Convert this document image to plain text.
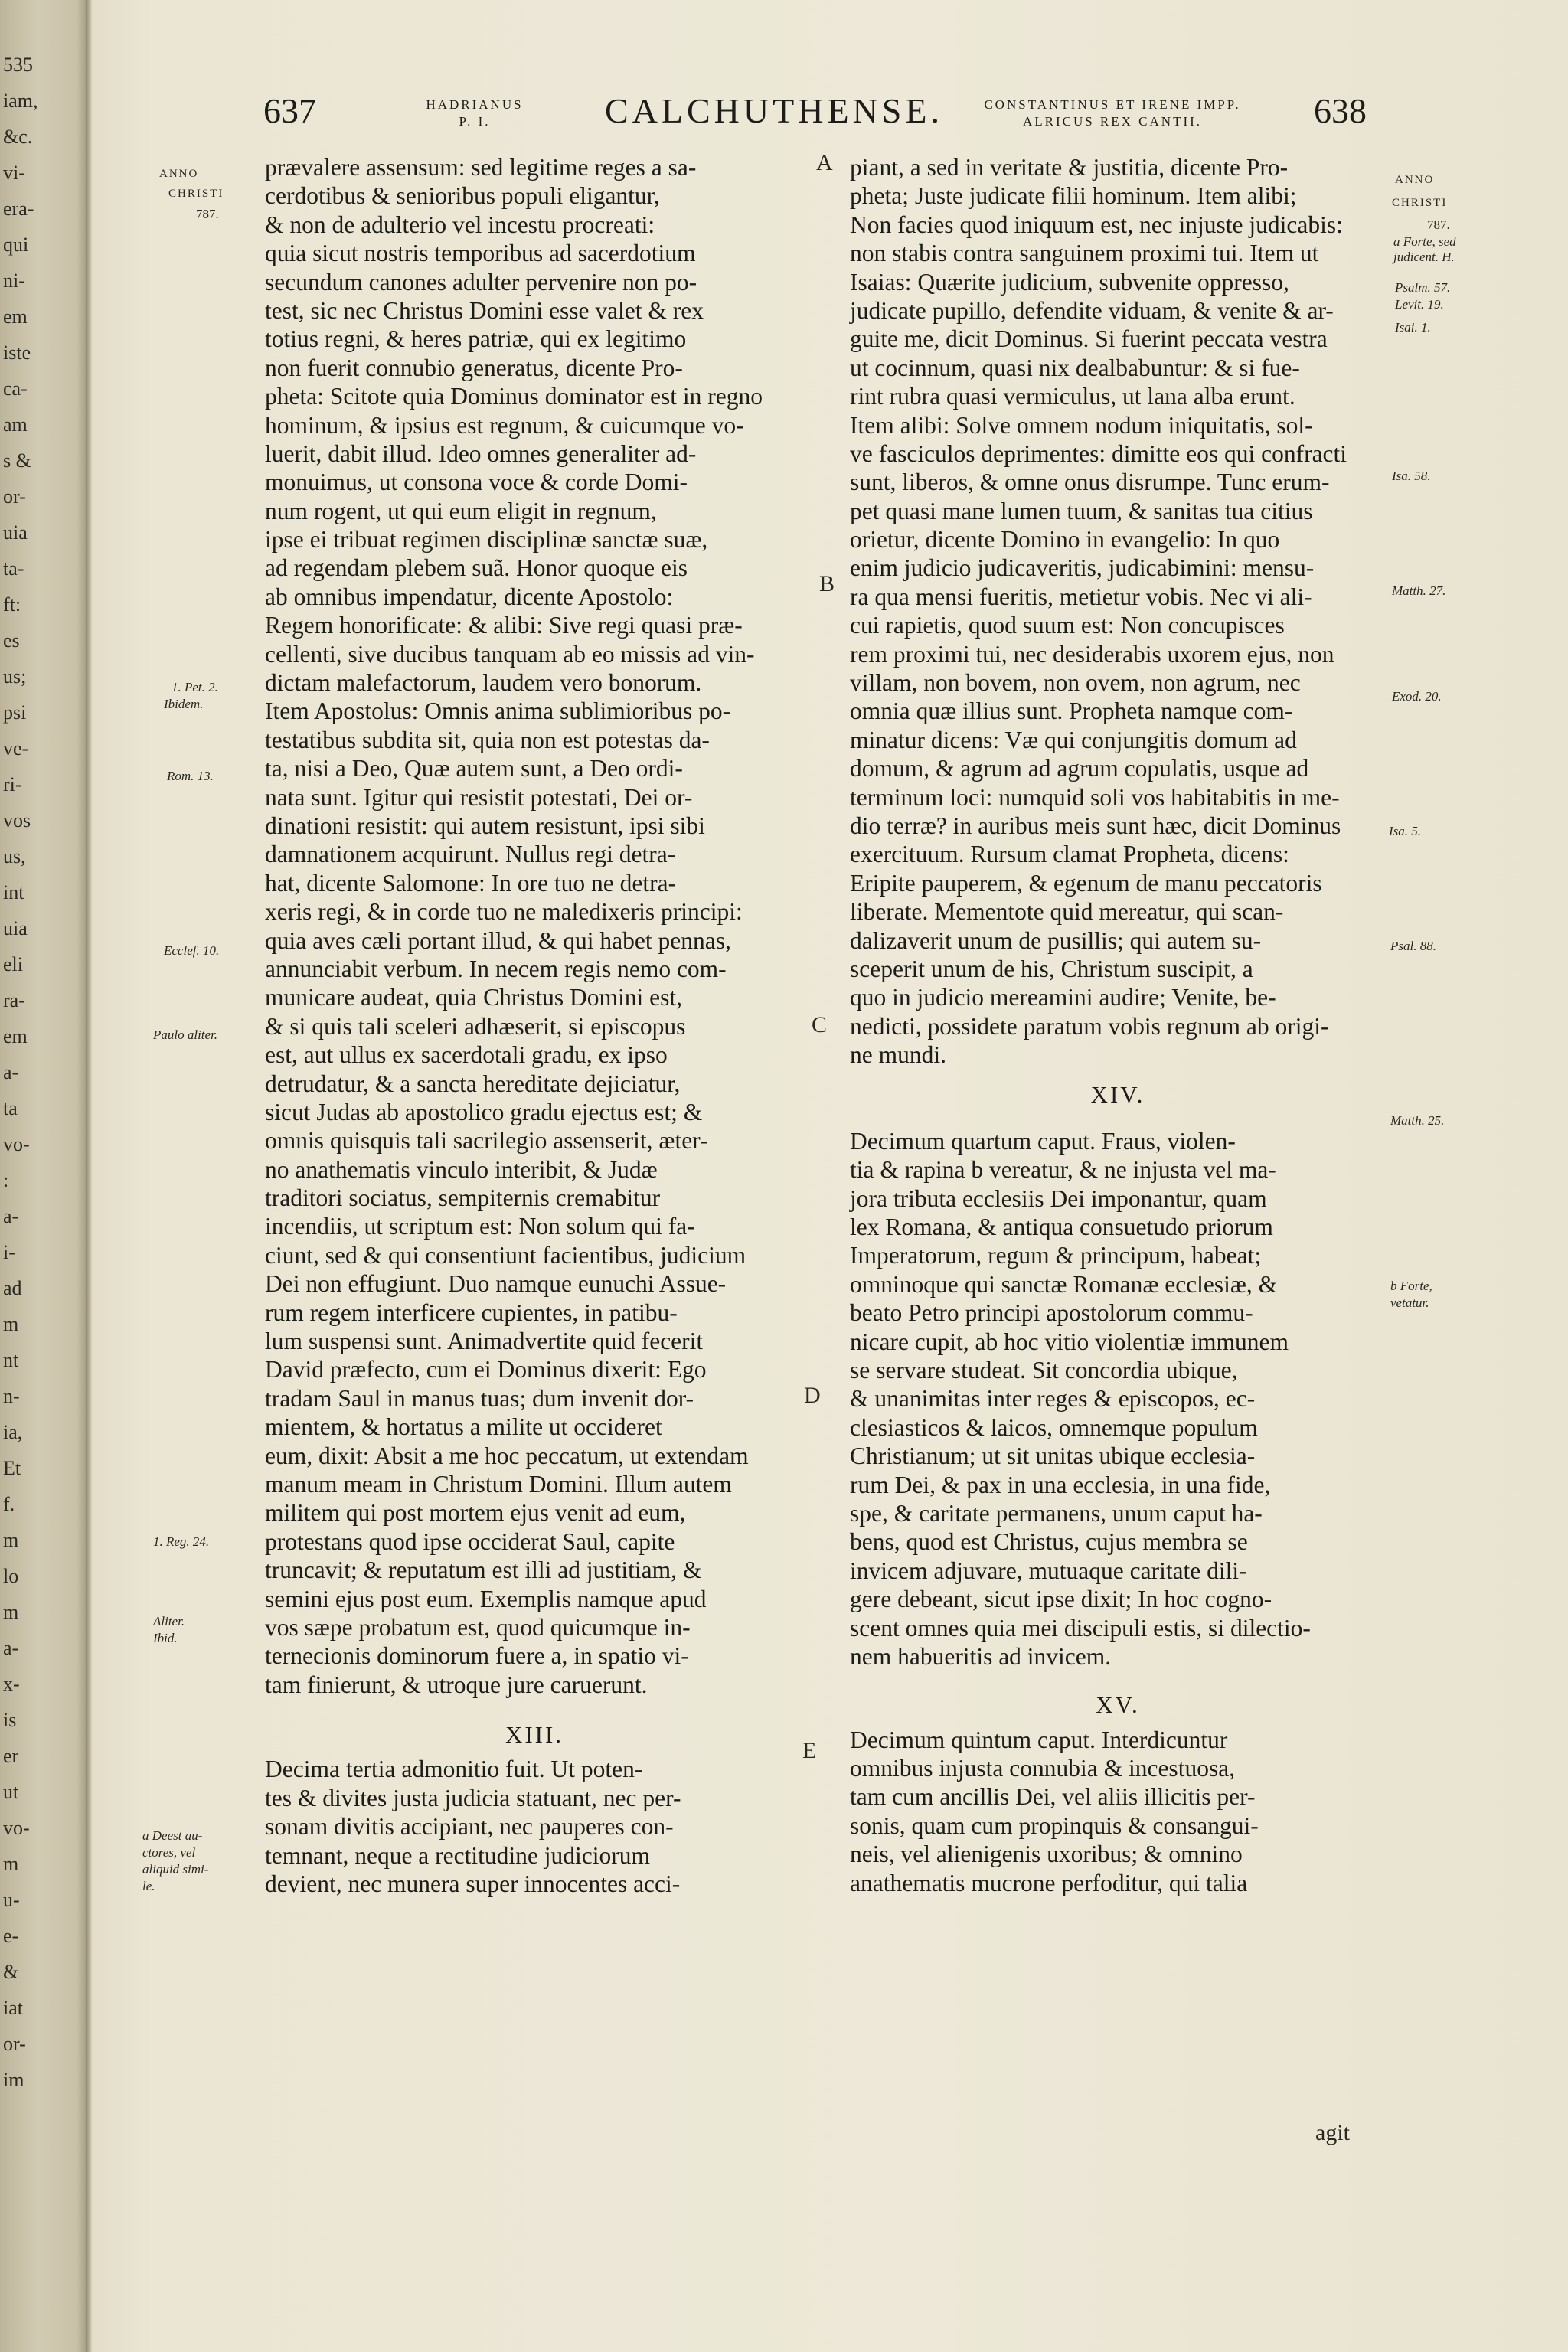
535
iam,
&c.
vi-
era-
qui
ni-
em
iste
ca-
am
s &
or-
uia
ta-
ft:
es
us;
psi
ve-
ri-
vos
us,
int
uia
eli
ra-
em
a-
ta
vo-
:
a-
i-
ad
m
nt
n-
ia,
Et
f.
m
lo
m
a-
x-
is
er
ut
vo-
m
u-
e-
&
iat
or-
im
637	HADRIANUS
P. I.	CALCHUTHENSE.	CONSTANTINUS ET IRENE IMPP.
ALRICUS REX CANTII.	638
ANNO
CHRISTI
787.
1. Pet. 2.
Ibidem.
Rom. 13.
Ecclef. 10.
Paulo aliter.
1. Reg. 24.
Aliter.
Ibid.
a Deest au-
ctores, vel
aliquid simi-
le.
A
B
C
D
E
prævalere assensum: sed legitime reges a sa-
cerdotibus & senioribus populi eligantur,
& non de adulterio vel incestu procreati:
quia sicut nostris temporibus ad sacerdotium
secundum canones adulter pervenire non po-
test, sic nec Christus Domini esse valet & rex
totius regni, & heres patriæ, qui ex legitimo
non fuerit connubio generatus, dicente Pro-
pheta: Scitote quia Dominus dominator est in regno
hominum, & ipsius est regnum, & cuicumque vo-
luerit, dabit illud. Ideo omnes generaliter ad-
monuimus, ut consona voce & corde Domi-
num rogent, ut qui eum eligit in regnum,
ipse ei tribuat regimen disciplinæ sanctæ suæ,
ad regendam plebem suã. Honor quoque eis
ab omnibus impendatur, dicente Apostolo:
Regem honorificate: & alibi: Sive regi quasi præ-
cellenti, sive ducibus tanquam ab eo missis ad vin-
dictam malefactorum, laudem vero bonorum.
Item Apostolus: Omnis anima sublimioribus po-
testatibus subdita sit, quia non est potestas da-
ta, nisi a Deo, Quæ autem sunt, a Deo ordi-
nata sunt. Igitur qui resistit potestati, Dei or-
dinationi resistit: qui autem resistunt, ipsi sibi
damnationem acquirunt. Nullus regi detra-
hat, dicente Salomone: In ore tuo ne detra-
xeris regi, & in corde tuo ne maledixeris principi:
quia aves cæli portant illud, & qui habet pennas,
annunciabit verbum. In necem regis nemo com-
municare audeat, quia Christus Domini est,
& si quis tali sceleri adhæserit, si episcopus
est, aut ullus ex sacerdotali gradu, ex ipso
detrudatur, & a sancta hereditate dejiciatur,
sicut Judas ab apostolico gradu ejectus est; &
omnis quisquis tali sacrilegio assenserit, æter-
no anathematis vinculo interibit, & Judæ
traditori sociatus, sempiternis cremabitur
incendiis, ut scriptum est: Non solum qui fa-
ciunt, sed & qui consentiunt facientibus, judicium
Dei non effugiunt. Duo namque eunuchi Assue-
rum regem interficere cupientes, in patibu-
lum suspensi sunt. Animadvertite quid fecerit
David præfecto, cum ei Dominus dixerit: Ego
tradam Saul in manus tuas; dum invenit dor-
mientem, & hortatus a milite ut occideret
eum, dixit: Absit a me hoc peccatum, ut extendam
manum meam in Christum Domini. Illum autem
militem qui post mortem ejus venit ad eum,
protestans quod ipse occiderat Saul, capite
truncavit; & reputatum est illi ad justitiam, &
semini ejus post eum. Exemplis namque apud
vos sæpe probatum est, quod quicumque in-
ternecionis dominorum fuere a, in spatio vi-
tam finierunt, & utroque jure caruerunt.
XIII.
Decima tertia admonitio fuit. Ut poten-
tes & divites justa judicia statuant, nec per-
sonam divitis accipiant, nec pauperes con-
temnant, neque a rectitudine judiciorum
devient, nec munera super innocentes acci-
piant, a sed in veritate & justitia, dicente Pro-
pheta; Juste judicate filii hominum. Item alibi;
Non facies quod iniquum est, nec injuste judicabis:
non stabis contra sanguinem proximi tui. Item ut
Isaias: Quærite judicium, subvenite oppresso,
judicate pupillo, defendite viduam, & venite & ar-
guite me, dicit Dominus. Si fuerint peccata vestra
ut cocinnum, quasi nix dealbabuntur: & si fue-
rint rubra quasi vermiculus, ut lana alba erunt.
Item alibi: Solve omnem nodum iniquitatis, sol-
ve fasciculos deprimentes: dimitte eos qui confracti
sunt, liberos, & omne onus disrumpe. Tunc erum-
pet quasi mane lumen tuum, & sanitas tua citius
orietur, dicente Domino in evangelio: In quo
enim judicio judicaveritis, judicabimini: mensu-
ra qua mensi fueritis, metietur vobis. Nec vi ali-
cui rapietis, quod suum est: Non concupisces
rem proximi tui, nec desiderabis uxorem ejus, non
villam, non bovem, non ovem, non agrum, nec
omnia quæ illius sunt. Propheta namque com-
minatur dicens: Væ qui conjungitis domum ad
domum, & agrum ad agrum copulatis, usque ad
terminum loci: numquid soli vos habitabitis in me-
dio terræ? in auribus meis sunt hæc, dicit Dominus
exercituum. Rursum clamat Propheta, dicens:
Eripite pauperem, & egenum de manu peccatoris
liberate. Mementote quid mereatur, qui scan-
dalizaverit unum de pusillis; qui autem su-
sceperit unum de his, Christum suscipit, a
quo in judicio mereamini audire; Venite, be-
nedicti, possidete paratum vobis regnum ab origi-
ne mundi.
XIV.
Decimum quartum caput. Fraus, violen-
tia & rapina b vereatur, & ne injusta vel ma-
jora tributa ecclesiis Dei imponantur, quam
lex Romana, & antiqua consuetudo priorum
Imperatorum, regum & principum, habeat;
omninoque qui sanctæ Romanæ ecclesiæ, &
beato Petro principi apostolorum commu-
nicare cupit, ab hoc vitio violentiæ immunem
se servare studeat. Sit concordia ubique,
& unanimitas inter reges & episcopos, ec-
clesiasticos & laicos, omnemque populum
Christianum; ut sit unitas ubique ecclesia-
rum Dei, & pax in una ecclesia, in una fide,
spe, & caritate permanens, unum caput ha-
bens, quod est Christus, cujus membra se
invicem adjuvare, mutuaque caritate dili-
gere debeant, sicut ipse dixit; In hoc cogno-
scent omnes quia mei discipuli estis, si dilectio-
nem habueritis ad invicem.
XV.
Decimum quintum caput. Interdicuntur
omnibus injusta connubia & incestuosa,
tam cum ancillis Dei, vel aliis illicitis per-
sonis, quam cum propinquis & consangui-
neis, vel alienigenis uxoribus; & omnino
anathematis mucrone perfoditur, qui talia
ANNO
CHRISTI
787.
a Forte, sed
judicent. H.
Psalm. 57.
Levit. 19.
Isai. 1.
Isa. 58.
Matth. 27.
Exod. 20.
Isa. 5.
Psal. 88.
Matth. 25.
b Forte,
vetatur.
agit
